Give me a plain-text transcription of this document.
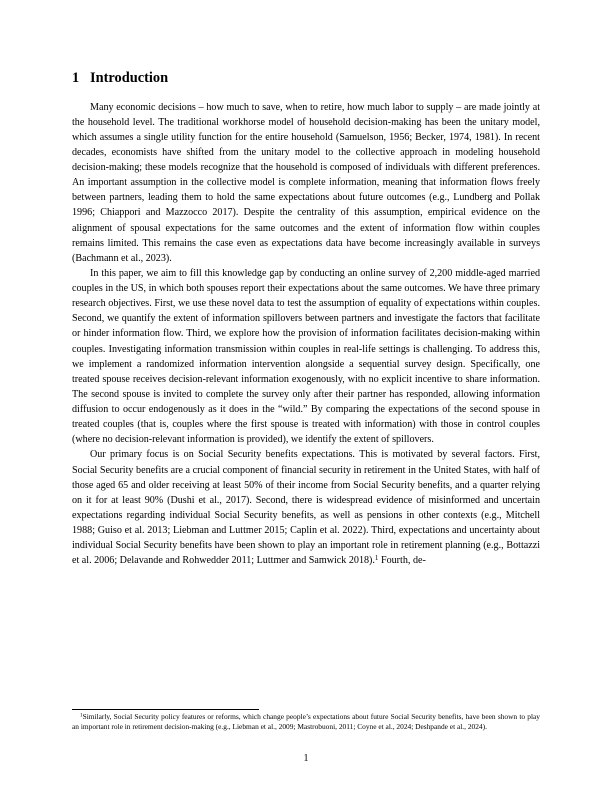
1 Introduction

Many economic decisions – how much to save, when to retire, how much labor to supply – are made jointly at the household level. The traditional workhorse model of household decision-making has been the unitary model, which assumes a single utility function for the entire household (Samuelson, 1956; Becker, 1974, 1981). In recent decades, economists have shifted from the unitary model to the collective approach in modeling household decision-making; these models recognize that the household is composed of individuals with different preferences. An important assumption in the collective model is complete information, meaning that information flows freely between partners, leading them to hold the same expectations about future outcomes (e.g., Lundberg and Pollak 1996; Chiappori and Mazzocco 2017). Despite the centrality of this assumption, empirical evidence on the alignment of spousal expectations for the same outcomes and the extent of information flow within couples remains limited. This remains the case even as expectations data have become increasingly available in surveys (Bachmann et al., 2023).

In this paper, we aim to fill this knowledge gap by conducting an online survey of 2,200 middle-aged married couples in the US, in which both spouses report their expectations about the same outcomes. We have three primary research objectives. First, we use these novel data to test the assumption of equality of expectations within couples. Second, we quantify the extent of information spillovers between partners and investigate the factors that facilitate or hinder information flow. Third, we explore how the provision of information facilitates decision-making within couples. Investigating information transmission within couples in real-life settings is challenging. To address this, we implement a randomized information intervention alongside a sequential survey design. Specifically, one treated spouse receives decision-relevant information exogenously, with no explicit incentive to share information. The second spouse is invited to complete the survey only after their partner has responded, allowing information diffusion to occur endogenously as it does in the “wild.” By comparing the expectations of the second spouse in treated couples (that is, couples where the first spouse is treated with information) with those in control couples (where no decision-relevant information is provided), we identify the extent of spillovers.

Our primary focus is on Social Security benefits expectations. This is motivated by several factors. First, Social Security benefits are a crucial component of financial security in retirement in the United States, with half of those aged 65 and older receiving at least 50% of their income from Social Security benefits, and a quarter relying on it for at least 90% (Dushi et al., 2017). Second, there is widespread evidence of misinformed and uncertain expectations regarding individual Social Security benefits, as well as pensions in other contexts (e.g., Mitchell 1988; Guiso et al. 2013; Liebman and Luttmer 2015; Caplin et al. 2022). Third, expectations and uncertainty about individual Social Security benefits have been shown to play an important role in retirement planning (e.g., Bottazzi et al. 2006; Delavande and Rohwedder 2011; Luttmer and Samwick 2018).$^1$ Fourth, de-

$^1$Similarly, Social Security policy features or reforms, which change people’s expectations about future Social Security benefits, have been shown to play an important role in retirement decision-making (e.g., Liebman et al., 2009; Mastrobuoni, 2011; Coyne et al., 2024; Deshpande et al., 2024).

1
